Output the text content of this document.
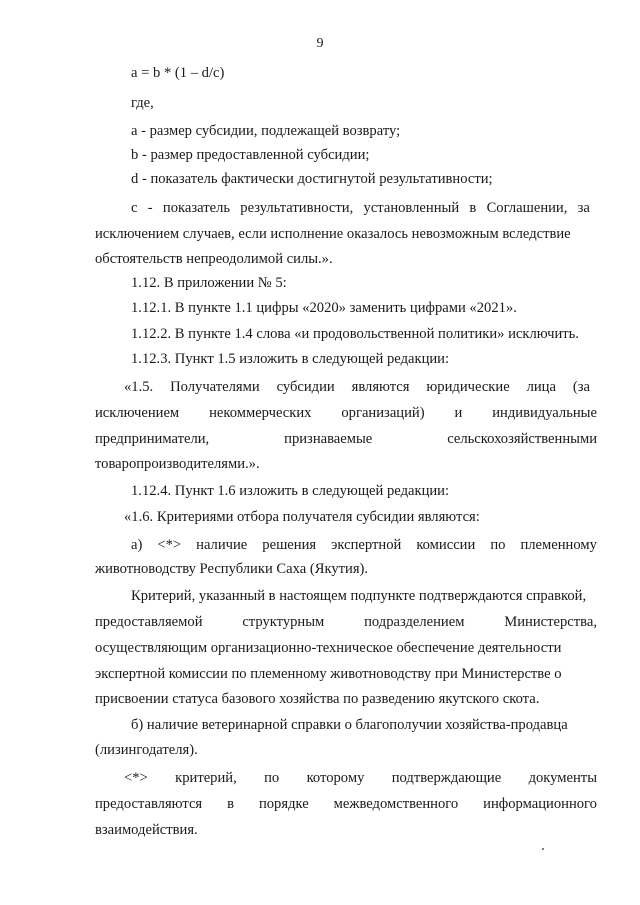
9
a = b * (1 – d/c)
где,
a - размер субсидии, подлежащей возврату;
b - размер предоставленной субсидии;
d - показатель фактически достигнутой результативности;
с - показатель результативности, установленный в Соглашении, за
исключением случаев, если исполнение оказалось невозможным вследствие
обстоятельств непреодолимой силы.».
1.12. В приложении № 5:
1.12.1. В пункте 1.1 цифры «2020» заменить цифрами «2021».
1.12.2. В пункте 1.4 слова «и продовольственной политики» исключить.
1.12.3. Пункт 1.5 изложить в следующей редакции:
«1.5. Получателями субсидии являются юридические лица (за
исключением некоммерческих организаций) и индивидуальные
предприниматели,	признаваемые	сельскохозяйственными
товаропроизводителями.».
1.12.4. Пункт 1.6 изложить в следующей редакции:
«1.6. Критериями отбора получателя субсидии являются:
а) <*> наличие решения экспертной комиссии по племенному
животноводству Республики Саха (Якутия).
Критерий, указанный в настоящем подпункте подтверждаются справкой,
предоставляемой	структурным	подразделением	Министерства,
осуществляющим организационно-техническое обеспечение деятельности
экспертной комиссии по племенному животноводству при Министерстве о
присвоении статуса базового хозяйства по разведению якутского скота.
б) наличие ветеринарной справки о благополучии хозяйства-продавца
(лизингодателя).
<*> критерий, по которому подтверждающие документы
предоставляются в порядке межведомственного информационного
взаимодействия.
